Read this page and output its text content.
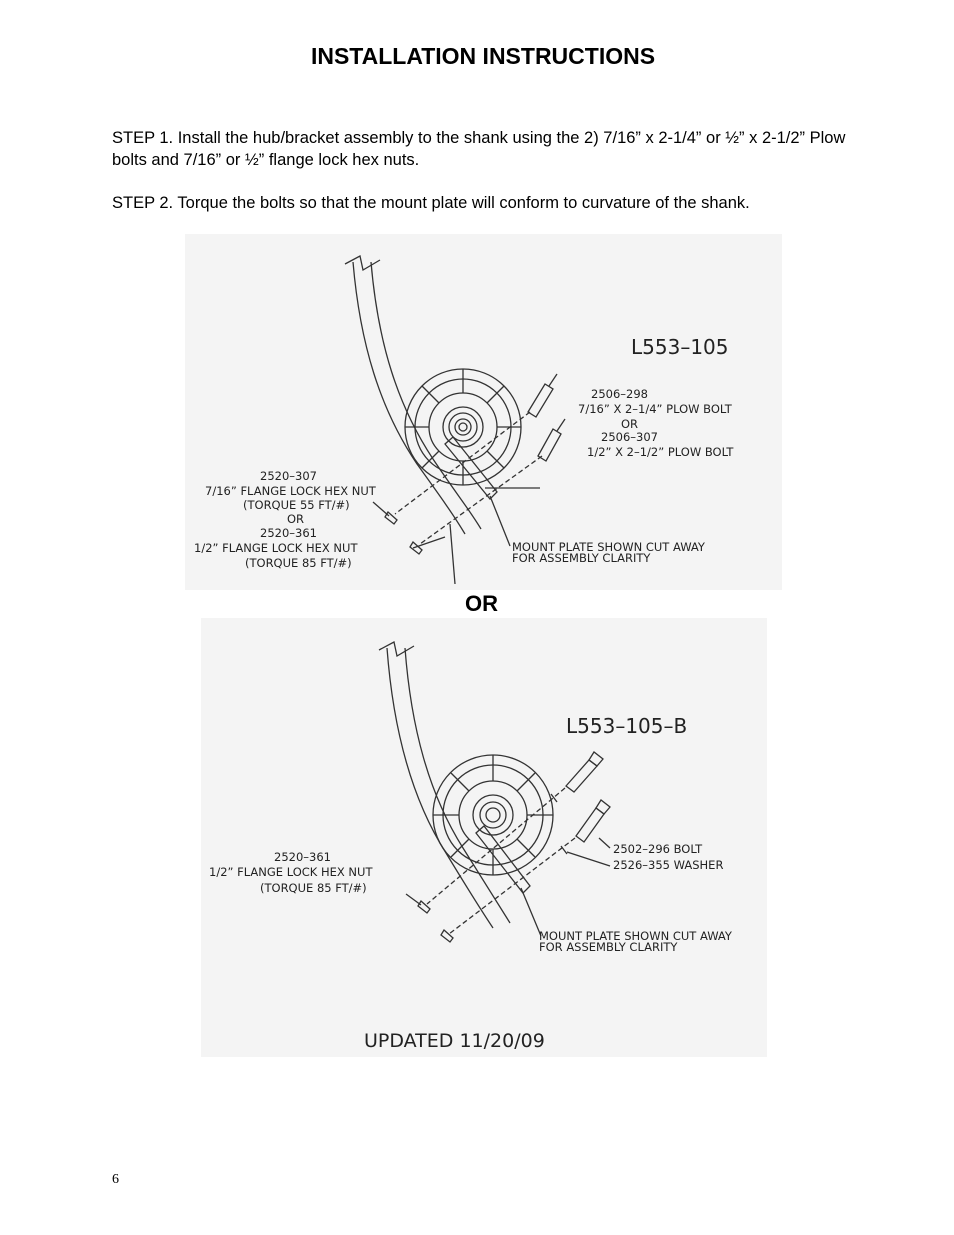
INSTALLATION INSTRUCTIONS
STEP 1. Install the hub/bracket assembly to the shank using the 2) 7/16” x 2-1/4” or ½” x 2-1/2” Plow bolts and 7/16” or ½” flange lock hex nuts.
STEP 2. Torque the bolts so that the mount plate will conform to curvature of the shank.
L553–105
2506–298
7/16” X 2–1/4” PLOW BOLT
OR
2506–307
1/2” X 2–1/2” PLOW BOLT
2520–307
7/16” FLANGE LOCK HEX NUT
(TORQUE 55 FT/#)
OR
2520–361
1/2” FLANGE LOCK HEX NUT
(TORQUE 85 FT/#)
MOUNT PLATE SHOWN CUT AWAY
FOR ASSEMBLY CLARITY
OR
L553–105–B
2502–296 BOLT
2526–355 WASHER
2520–361
1/2” FLANGE LOCK HEX NUT
(TORQUE 85 FT/#)
MOUNT PLATE SHOWN CUT AWAY
FOR ASSEMBLY CLARITY
UPDATED 11/20/09
6
